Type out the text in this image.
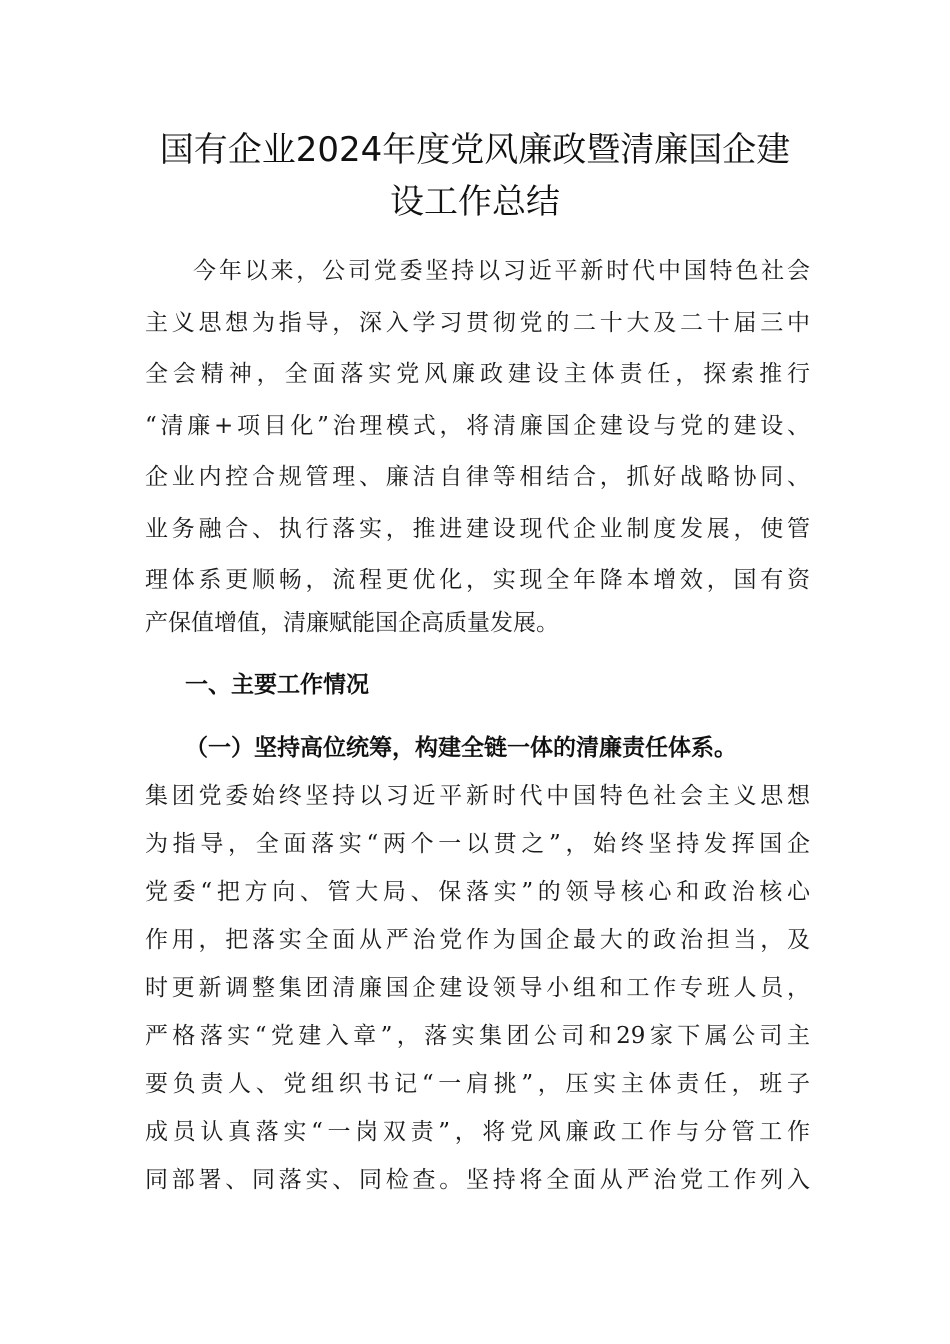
国有企业2024年度党风廉政暨清廉国企建
设工作总结
今年以来，公司党委坚持以习近平新时代中国特色社会
主义思想为指导，深入学习贯彻党的二十大及二十届三中
全会精神，全面落实党风廉政建设主体责任，探索推行
“清廉+项目化”治理模式，将清廉国企建设与党的建设、
企业内控合规管理、廉洁自律等相结合，抓好战略协同、
业务融合、执行落实，推进建设现代企业制度发展，使管
理体系更顺畅，流程更优化，实现全年降本增效，国有资
产保值增值，清廉赋能国企高质量发展。
一、主要工作情况
（一）坚持高位统筹，构建全链一体的清廉责任体系。
集团党委始终坚持以习近平新时代中国特色社会主义思想
为指导，全面落实“两个一以贯之”，始终坚持发挥国企
党委“把方向、管大局、保落实”的领导核心和政治核心
作用，把落实全面从严治党作为国企最大的政治担当，及
时更新调整集团清廉国企建设领导小组和工作专班人员，
严格落实“党建入章”，落实集团公司和29家下属公司主
要负责人、党组织书记“一肩挑”，压实主体责任，班子
成员认真落实“一岗双责”，将党风廉政工作与分管工作
同部署、同落实、同检查。坚持将全面从严治党工作列入
